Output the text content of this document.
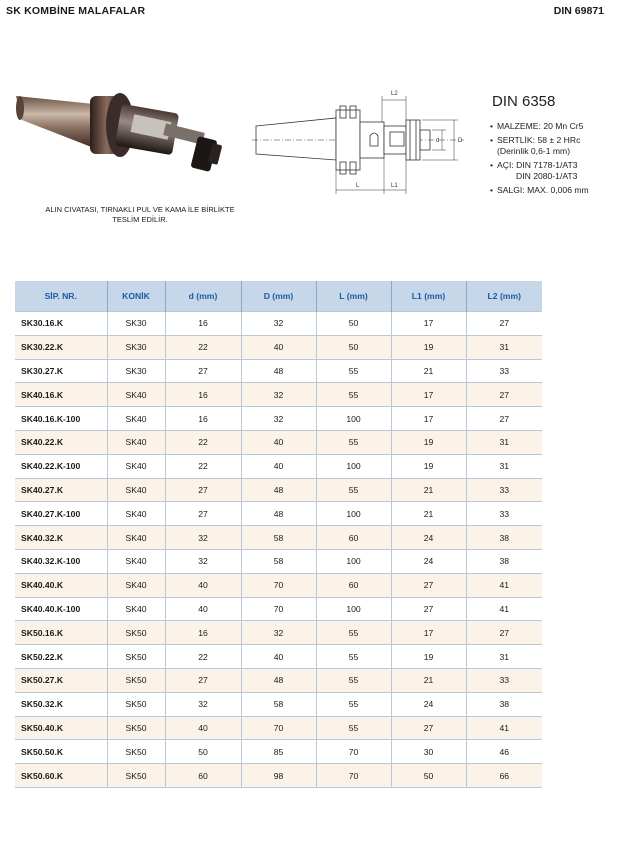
SK KOMBİNE MALAFALAR	DIN 69871
ALIN CIVATASI, TIRNAKLI PUL VE KAMA İLE BİRLİKTE TESLİM EDİLİR.
L2
L	L1
D
d
DIN 6358
• MALZEME: 20 Mn Cr5
• SERTLİK: 58 ± 2 HRc
(Derinlik 0,6-1 mm)
• AÇI: DIN 7178-1/AT3
DIN 2080-1/AT3
• SALGI: MAX. 0,006 mm
SİP. NR.	KONİK	d (mm)	D (mm)	L (mm)	L1 (mm)	L2 (mm)
SK30.16.K	SK30	16	32	50	17	27
SK30.22.K	SK30	22	40	50	19	31
SK30.27.K	SK30	27	48	55	21	33
SK40.16.K	SK40	16	32	55	17	27
SK40.16.K-100	SK40	16	32	100	17	27
SK40.22.K	SK40	22	40	55	19	31
SK40.22.K-100	SK40	22	40	100	19	31
SK40.27.K	SK40	27	48	55	21	33
SK40.27.K-100	SK40	27	48	100	21	33
SK40.32.K	SK40	32	58	60	24	38
SK40.32.K-100	SK40	32	58	100	24	38
SK40.40.K	SK40	40	70	60	27	41
SK40.40.K-100	SK40	40	70	100	27	41
SK50.16.K	SK50	16	32	55	17	27
SK50.22.K	SK50	22	40	55	19	31
SK50.27.K	SK50	27	48	55	21	33
SK50.32.K	SK50	32	58	55	24	38
SK50.40.K	SK50	40	70	55	27	41
SK50.50.K	SK50	50	85	70	30	46
SK50.60.K	SK50	60	98	70	50	66
